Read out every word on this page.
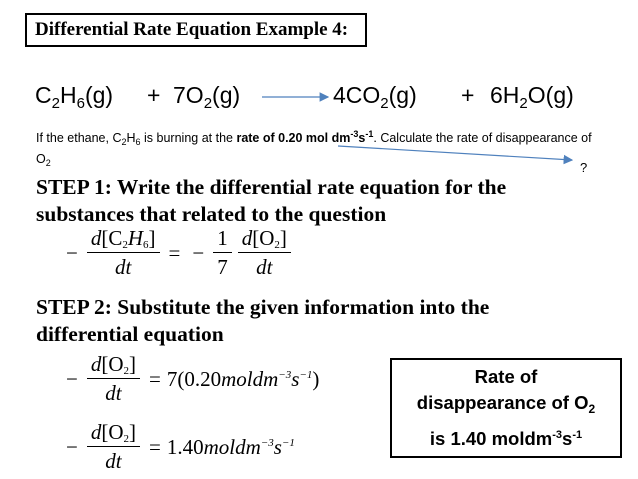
Differential Rate Equation Example 4:
$C_2H_6(g) + 7O_2(g)$	$4CO_2(g) + 6H_2O(g)$
If the ethane, $C_2H_6$ is burning at the rate of 0.20 mol $dm^{-3}s^{-1}$. Calculate the rate of disappearance of $O_2$	?
STEP 1: Write the differential rate equation for the substances that related to the question
− $\frac{d[C2H6]}{dt}$ = − $\frac{1}{7} \frac{d[O2]}{dt}$
STEP 2: Substitute the given information into the differential equation
− $\frac{d[O2]}{dt}$ = $7(0.20moldm^{-3}s^{-1})$
− $\frac{d[O2]}{dt}$ = $1.40moldm^{-3}s^{-1}$
Rate of
disappearance of $O_2$
is 1.40 $moldm^{-3}s^{-1}$
